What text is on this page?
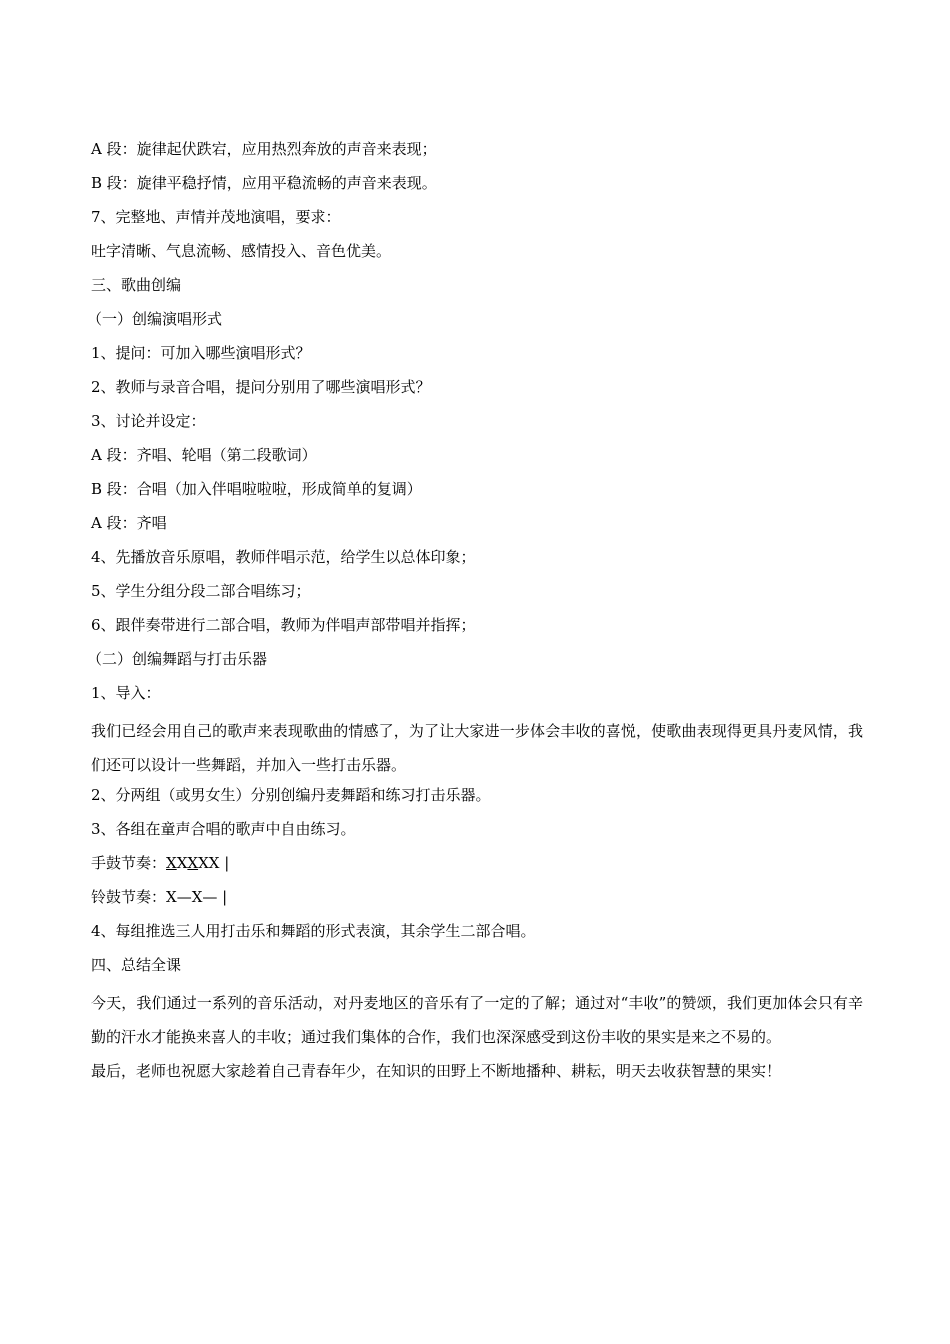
A 段：旋律起伏跌宕，应用热烈奔放的声音来表现；
B 段：旋律平稳抒情，应用平稳流畅的声音来表现。
7、完整地、声情并茂地演唱，要求：
吐字清晰、气息流畅、感情投入、音色优美。
三、歌曲创编
（一）创编演唱形式
1、提问：可加入哪些演唱形式？
2、教师与录音合唱，提问分别用了哪些演唱形式？
3、讨论并设定：
A 段：齐唱、轮唱（第二段歌词）
B 段：合唱（加入伴唱啦啦啦，形成简单的复调）
A 段：齐唱
4、先播放音乐原唱，教师伴唱示范，给学生以总体印象；
5、学生分组分段二部合唱练习；
6、跟伴奏带进行二部合唱，教师为伴唱声部带唱并指挥；
（二）创编舞蹈与打击乐器
1、导入：
我们已经会用自己的歌声来表现歌曲的情感了，为了让大家进一步体会丰收的喜悦，使歌曲表现得更具丹麦风情，我们还可以设计一些舞蹈，并加入一些打击乐器。
2、分两组（或男女生）分别创编丹麦舞蹈和练习打击乐器。
3、各组在童声合唱的歌声中自由练习。
手鼓节奏：XXXXX |
铃鼓节奏：X—X— |
4、每组推选三人用打击乐和舞蹈的形式表演，其余学生二部合唱。
四、总结全课
今天，我们通过一系列的音乐活动，对丹麦地区的音乐有了一定的了解；通过对“丰收”的赞颂，我们更加体会只有辛勤的汗水才能换来喜人的丰收；通过我们集体的合作，我们也深深感受到这份丰收的果实是来之不易的。
最后，老师也祝愿大家趁着自己青春年少，在知识的田野上不断地播种、耕耘，明天去收获智慧的果实！
